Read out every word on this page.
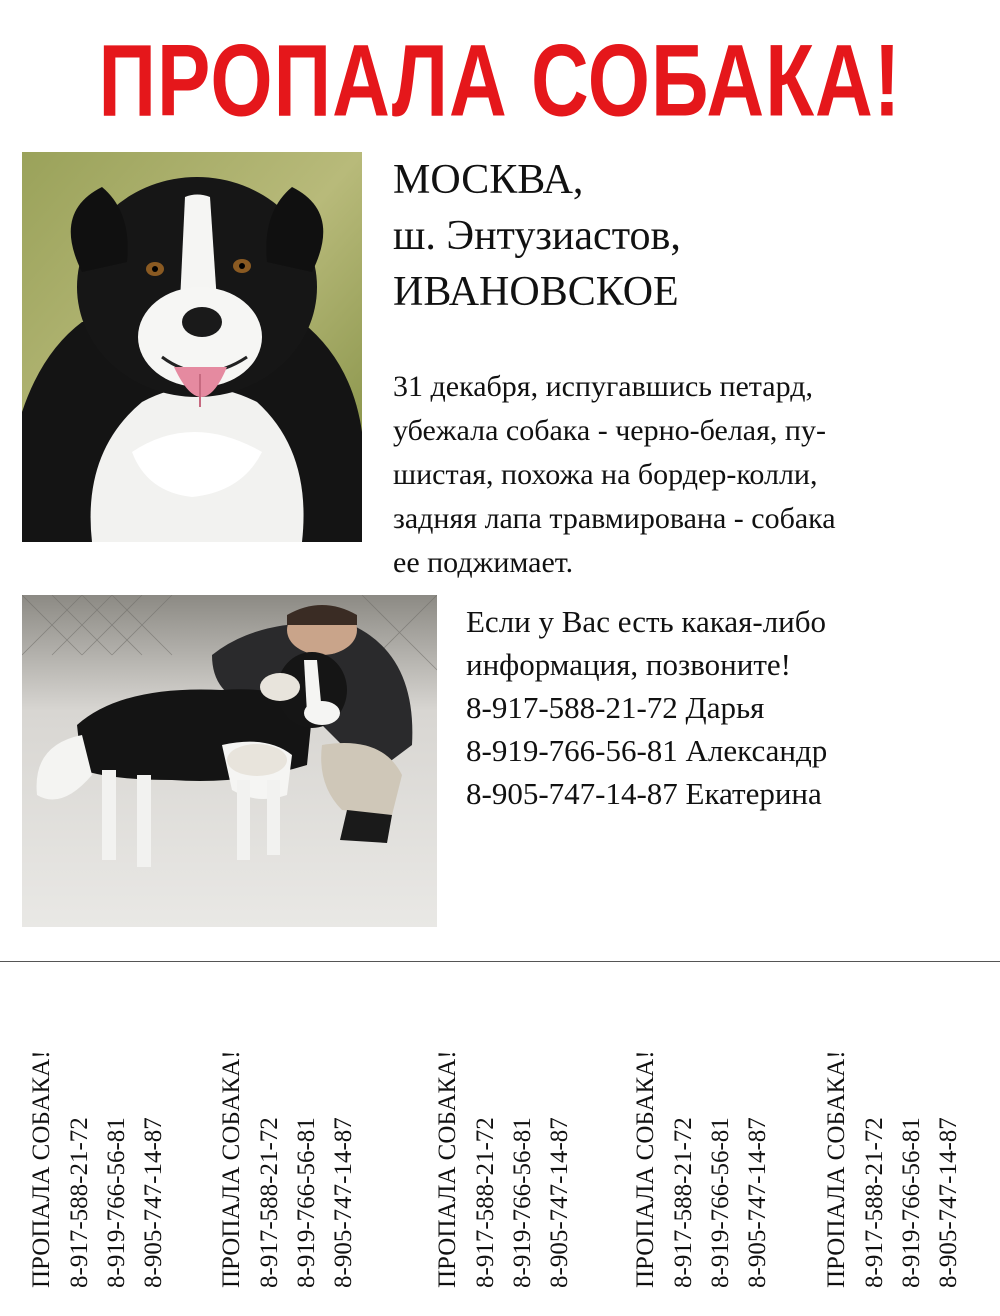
ПРОПАЛА СОБАКА!
МОСКВА,
ш. Энтузиастов,
ИВАНОВСКОЕ
31 декабря, испугавшись петард,
убежала собака - черно-белая, пу-
шистая, похожа на бордер-колли,
задняя лапа травмирована - собака
ее поджимает.
Если у Вас есть какая-либо
информация, позвоните!
8-917-588-21-72 Дарья
8-919-766-56-81 Александр
8-905-747-14-87 Екатерина
ПРОПАЛА СОБАКА! 8-917-588-21-72 8-919-766-56-81 8-905-747-14-87 ПРОПАЛА СОБАКА! 8-917-588-21-72 8-919-766-56-81 8-905-747-14-87	ПРОПАЛА СОБАКА! 8-917-588-21-72 8-919-766-56-81 8-905-747-14-87 ПРОПАЛА СОБАКА! 8-917-588-21-72 8-919-766-56-81 8-905-747-14-87 ПРОПАЛА СОБАКА! 8-917-588-21-72 8-919-766-56-81 8-905-747-14-87
